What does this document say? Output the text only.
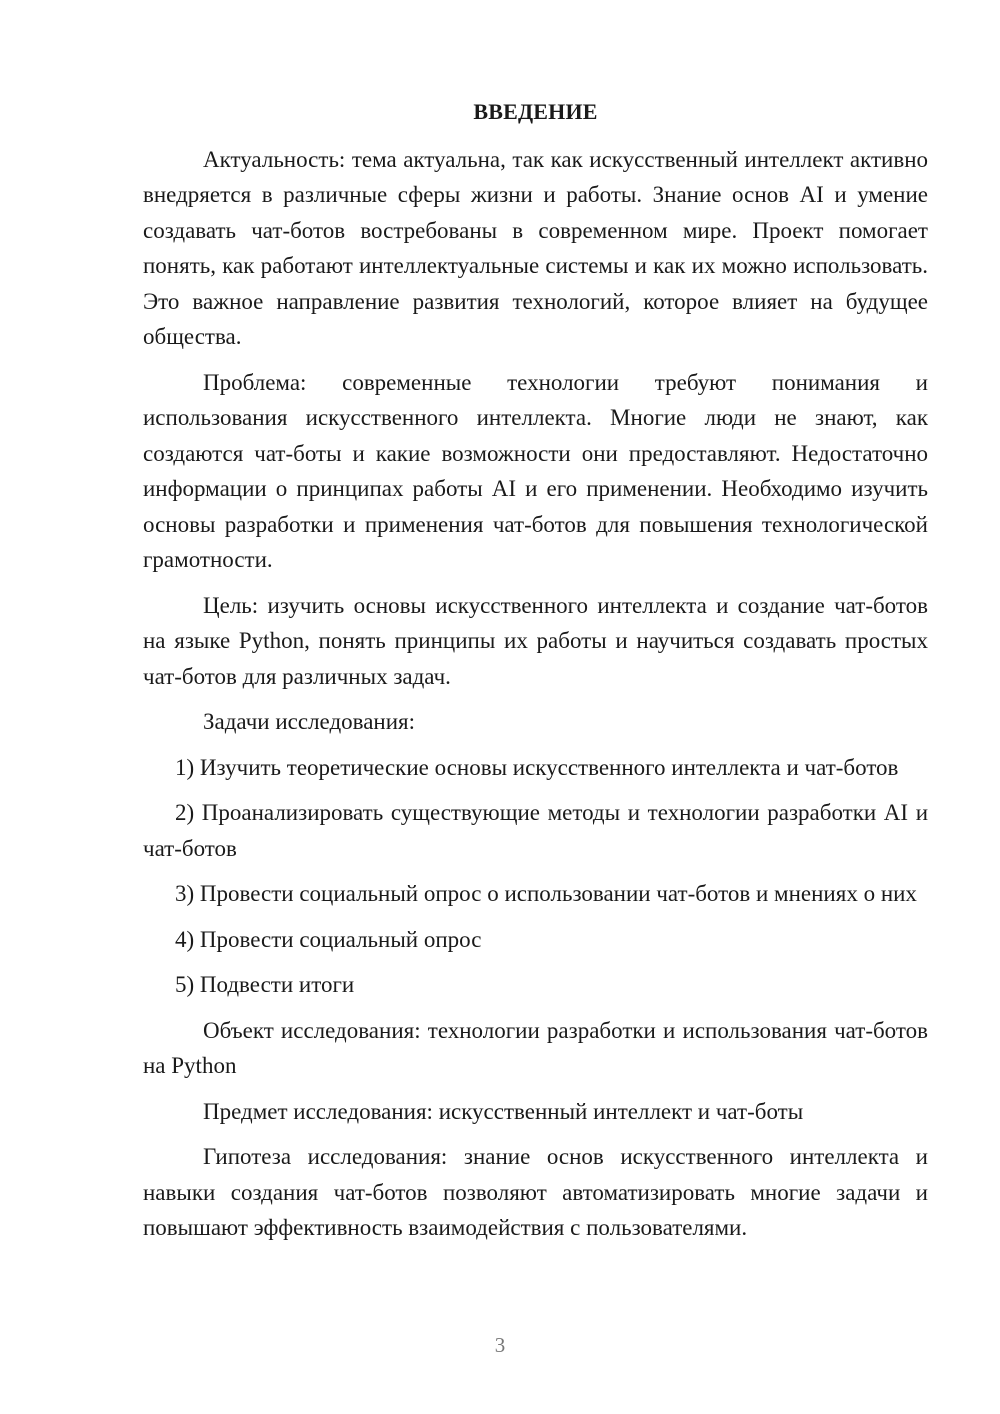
ВВЕДЕНИЕ

Актуальность: тема актуальна, так как искусственный интеллект активно внедряется в различные сферы жизни и работы. Знание основ AI и умение создавать чат-ботов востребованы в современном мире. Проект помогает понять, как работают интеллектуальные системы и как их можно использовать. Это важное направление развития технологий, которое влияет на будущее общества.

Проблема: современные технологии требуют понимания и использования искусственного интеллекта. Многие люди не знают, как создаются чат-боты и какие возможности они предоставляют. Недостаточно информации о принципах работы AI и его применении. Необходимо изучить основы разработки и применения чат-ботов для повышения технологической грамотности.

Цель: изучить основы искусственного интеллекта и создание чат-ботов на языке Python, понять принципы их работы и научиться создавать простых чат-ботов для различных задач.

Задачи исследования:

1) Изучить теоретические основы искусственного интеллекта и чат-ботов

2) Проанализировать существующие методы и технологии разработки AI и чат-ботов

3) Провести социальный опрос о использовании чат-ботов и мнениях о них

4) Провести социальный опрос

5) Подвести итоги

Объект исследования: технологии разработки и использования чат-ботов на Python

Предмет исследования: искусственный интеллект и чат-боты

Гипотеза исследования: знание основ искусственного интеллекта и навыки создания чат-ботов позволяют автоматизировать многие задачи и повышают эффективность взаимодействия с пользователями.

3
